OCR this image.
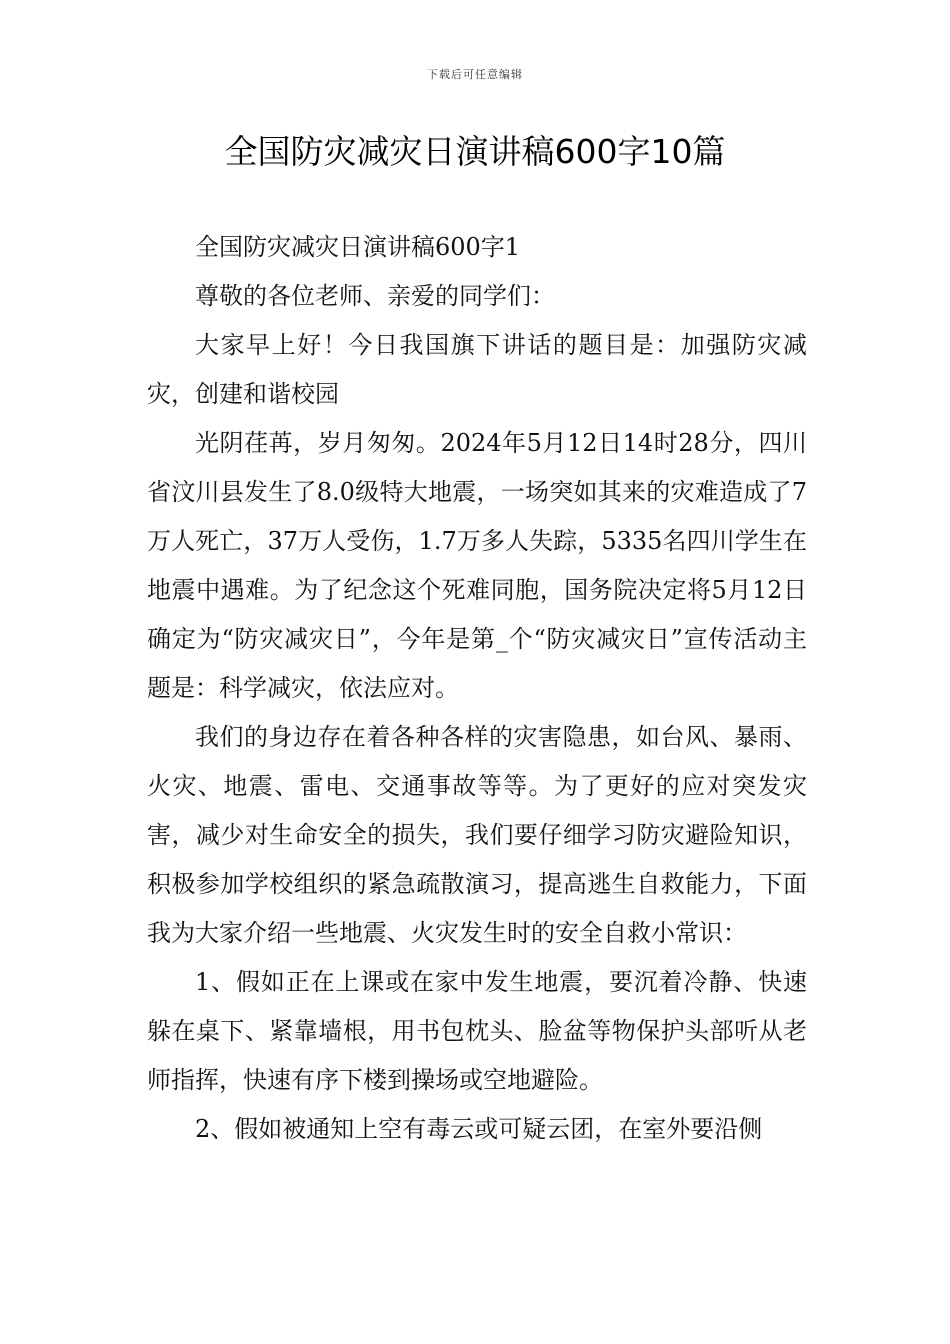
下载后可任意编辑
全国防灾减灾日演讲稿600字10篇

全国防灾减灾日演讲稿600字1

尊敬的各位老师、亲爱的同学们：

大家早上好！今日我国旗下讲话的题目是：加强防灾减灾，创建和谐校园

光阴荏苒，岁月匆匆。2024年5月12日14时28分，四川省汶川县发生了8.0级特大地震，一场突如其来的灾难造成了7万人死亡，37万人受伤，1.7万多人失踪，5335名四川学生在地震中遇难。为了纪念这个死难同胞，国务院决定将5月12日确定为“防灾减灾日”，今年是第_个“防灾减灾日”宣传活动主题是：科学减灾，依法应对。

我们的身边存在着各种各样的灾害隐患，如台风、暴雨、火灾、地震、雷电、交通事故等等。为了更好的应对突发灾害，减少对生命安全的损失，我们要仔细学习防灾避险知识，积极参加学校组织的紧急疏散演习，提高逃生自救能力，下面我为大家介绍一些地震、火灾发生时的安全自救小常识：

1、假如正在上课或在家中发生地震，要沉着冷静、快速躲在桌下、紧靠墙根，用书包枕头、脸盆等物保护头部听从老师指挥，快速有序下楼到操场或空地避险。

2、假如被通知上空有毒云或可疑云团，在室外要沿侧
